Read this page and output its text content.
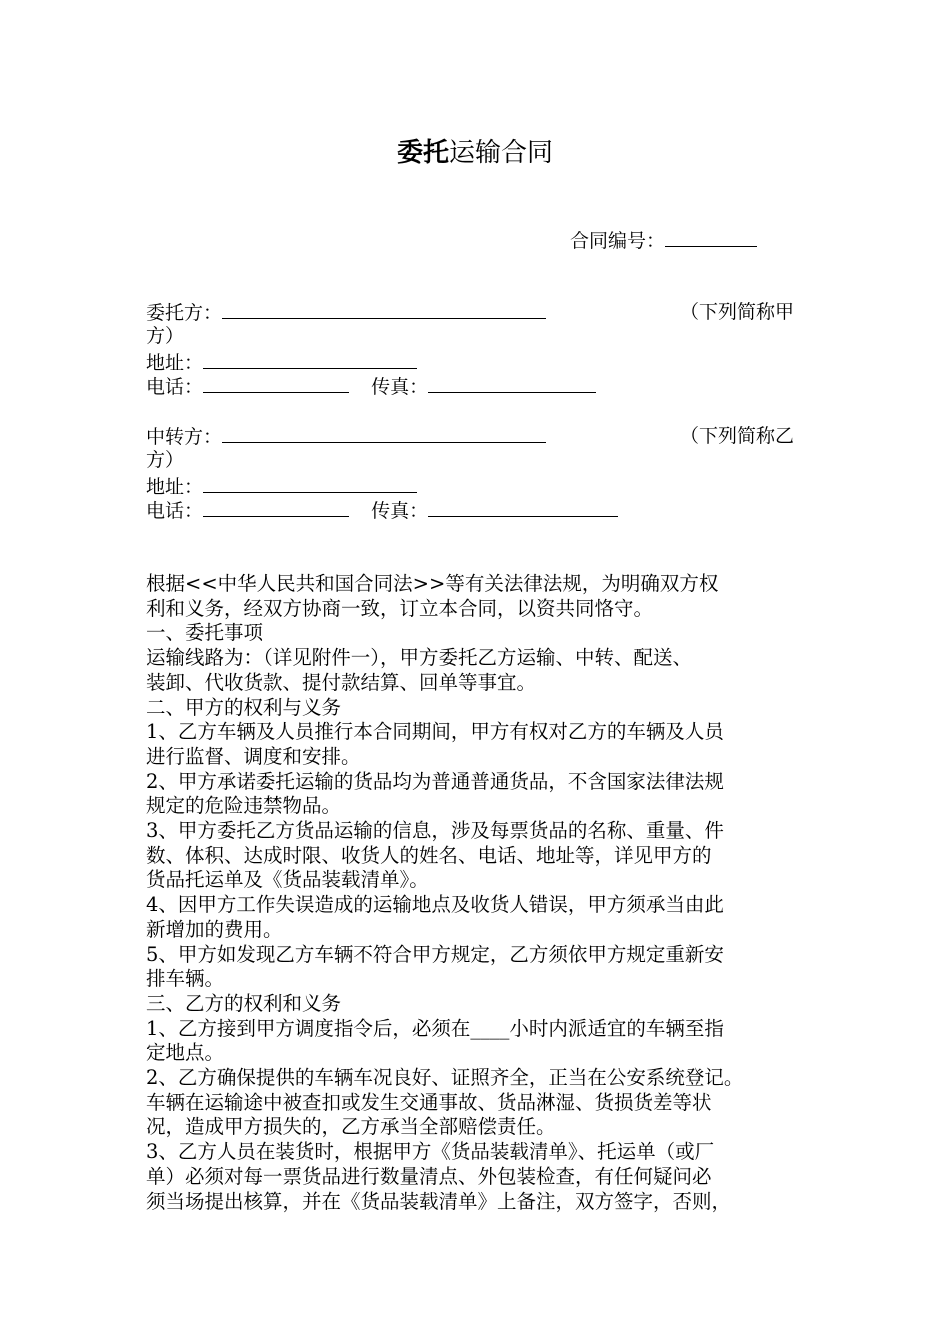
委托运输合同
合同编号：
委托方：	（下列简称甲
方）
地址：
电话：	传真：
中转方：	（下列简称乙
方）
地址：
电话：	传真：

根据<<中华人民共和国合同法>>等有关法律法规，为明确双方权

利和义务，经双方协商一致，订立本合同，以资共同恪守。

一、委托事项

运输线路为：（详见附件一），甲方委托乙方运输、中转、配送、

装卸、代收货款、提付款结算、回单等事宜。

二、甲方的权利与义务

1、乙方车辆及人员推行本合同期间，甲方有权对乙方的车辆及人员

进行监督、调度和安排。

2、甲方承诺委托运输的货品均为普通普通货品，不含国家法律法规

规定的危险违禁物品。

3、甲方委托乙方货品运输的信息，涉及每票货品的名称、重量、件

数、体积、达成时限、收货人的姓名、电话、地址等，详见甲方的

货品托运单及《货品装载清单》。

4、因甲方工作失误造成的运输地点及收货人错误，甲方须承当由此

新增加的费用。

5、甲方如发现乙方车辆不符合甲方规定，乙方须依甲方规定重新安

排车辆。

三、乙方的权利和义务

1、乙方接到甲方调度指令后，必须在____小时内派适宜的车辆至指

定地点。

2、乙方确保提供的车辆车况良好、证照齐全，正当在公安系统登记。

车辆在运输途中被查扣或发生交通事故、货品淋湿、货损货差等状

况，造成甲方损失的，乙方承当全部赔偿责任。

3、乙方人员在装货时，根据甲方《货品装载清单》、托运单（或厂

单）必须对每一票货品进行数量清点、外包装检查，有任何疑问必

须当场提出核算，并在《货品装载清单》上备注，双方签字，否则，
